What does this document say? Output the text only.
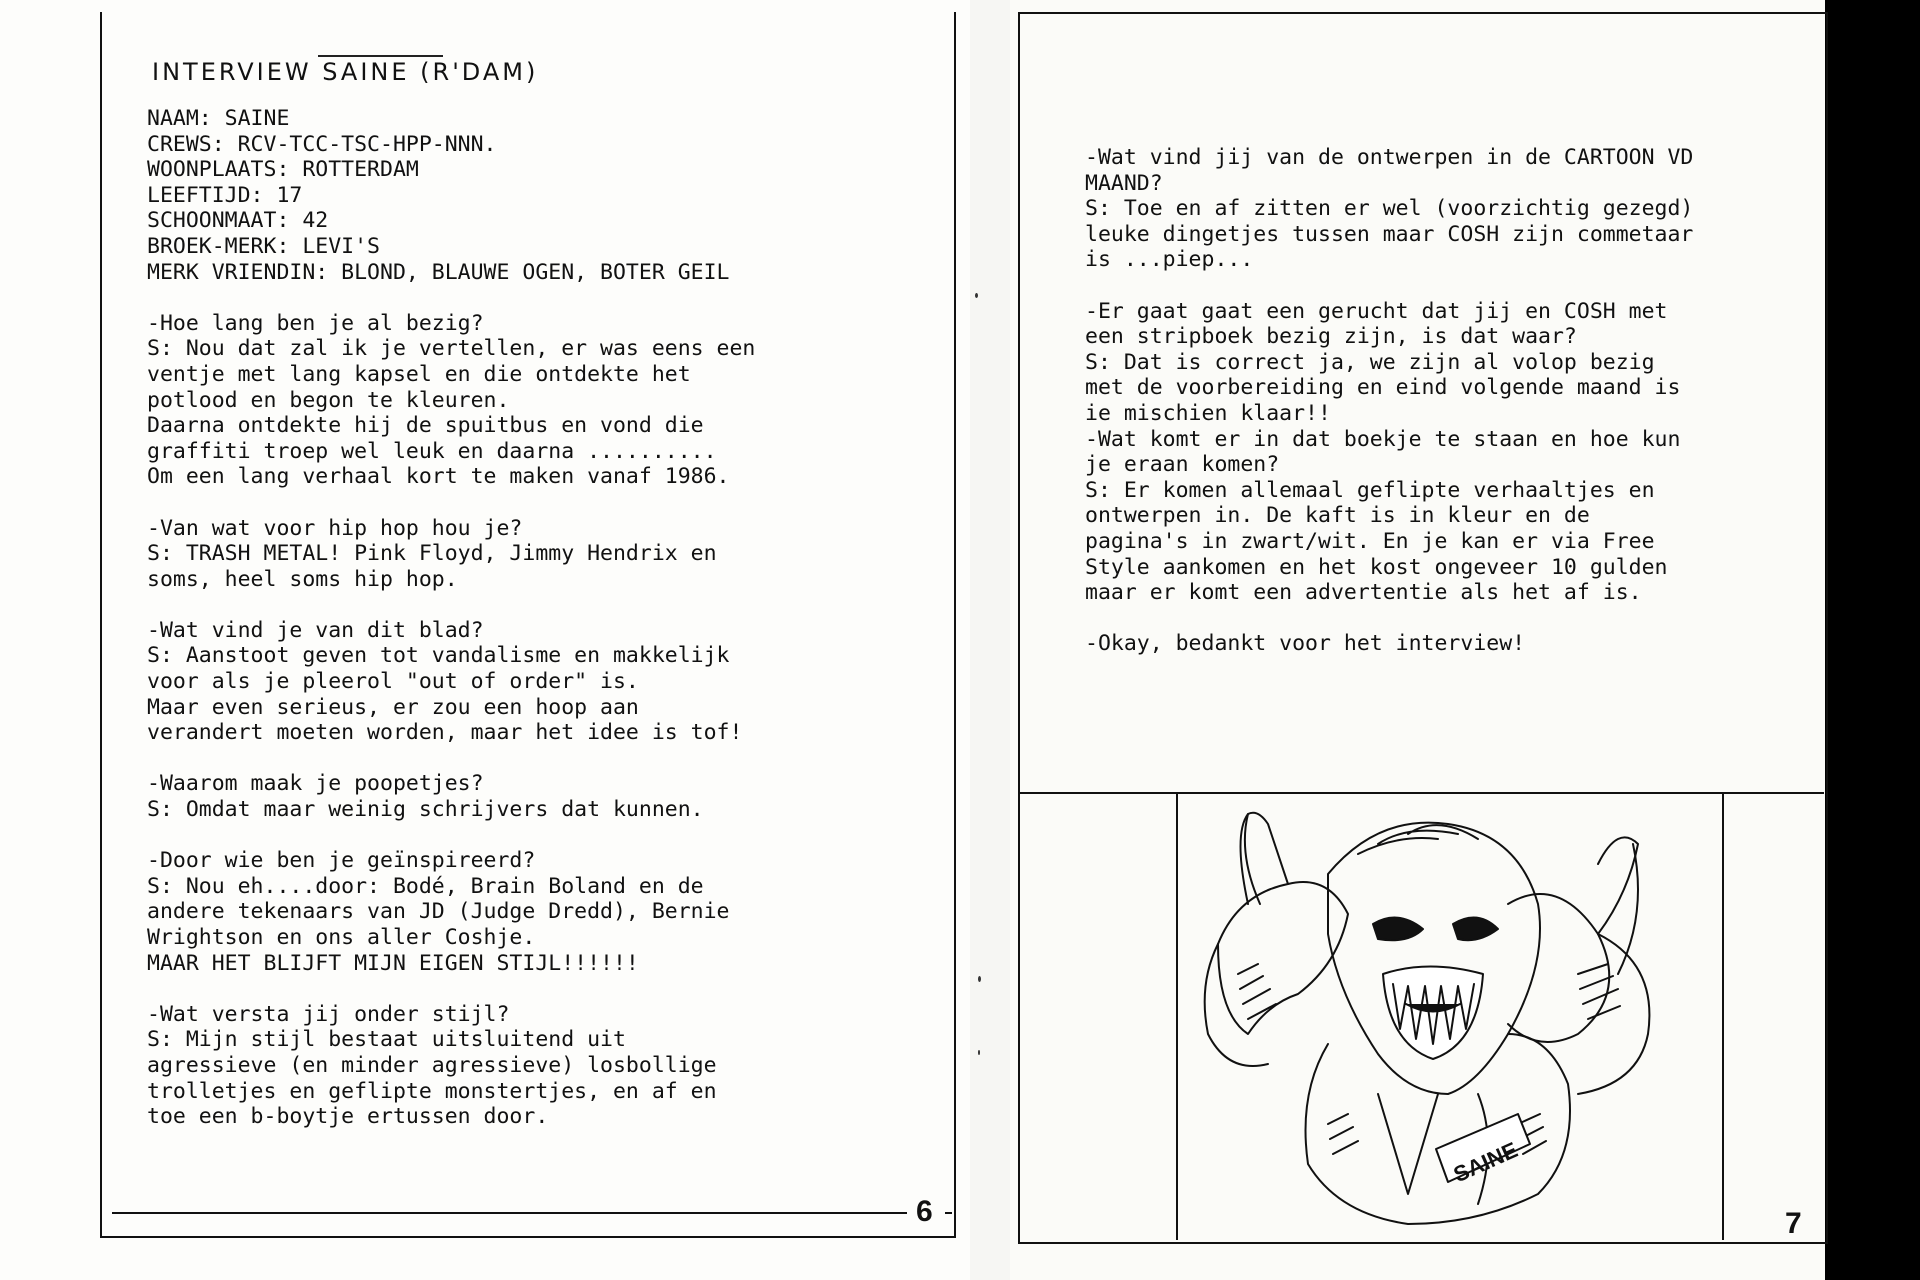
INTERVIEW SAINE (R'DAM)
NAAM: SAINE
CREWS: RCV-TCC-TSC-HPP-NNN.
WOONPLAATS: ROTTERDAM
LEEFTIJD: 17
SCHOONMAAT: 42
BROEK-MERK: LEVI'S
MERK VRIENDIN: BLOND, BLAUWE OGEN, BOTER GEIL

-Hoe lang ben je al bezig?
S: Nou dat zal ik je vertellen, er was eens een
ventje met lang kapsel en die ontdekte het
potlood en begon te kleuren.
Daarna ontdekte hij de spuitbus en vond die
graffiti troep wel leuk en daarna ..........
Om een lang verhaal kort te maken vanaf 1986.

-Van wat voor hip hop hou je?
S: TRASH METAL! Pink Floyd, Jimmy Hendrix en
soms, heel soms hip hop.

-Wat vind je van dit blad?
S: Aanstoot geven tot vandalisme en makkelijk
voor als je pleerol "out of order" is.
Maar even serieus, er zou een hoop aan
verandert moeten worden, maar het idee is tof!

-Waarom maak je poopetjes?
S: Omdat maar weinig schrijvers dat kunnen.

-Door wie ben je geïnspireerd?
S: Nou eh....door: Bodé, Brain Boland en de
andere tekenaars van JD (Judge Dredd), Bernie
Wrightson en ons aller Coshje.
MAAR HET BLIJFT MIJN EIGEN STIJL!!!!!!

-Wat versta jij onder stijl?
S: Mijn stijl bestaat uitsluitend uit
agressieve (en minder agressieve) losbollige
trolletjes en geflipte monstertjes, en af en
toe een b-boytje ertussen door.
6
-Wat vind jij van de ontwerpen in de CARTOON VD
MAAND?
S: Toe en af zitten er wel (voorzichtig gezegd)
leuke dingetjes tussen maar COSH zijn commetaar
is ...piep...

-Er gaat gaat een gerucht dat jij en COSH met
een stripboek bezig zijn, is dat waar?
S: Dat is correct ja, we zijn al volop bezig
met de voorbereiding en eind volgende maand is
ie mischien klaar!!
-Wat komt er in dat boekje te staan en hoe kun
je eraan komen?
S: Er komen allemaal geflipte verhaaltjes en
ontwerpen in. De kaft is in kleur en de
pagina's in zwart/wit. En je kan er via Free
Style aankomen en het kost ongeveer 10 gulden
maar er komt een advertentie als het af is.

-Okay, bedankt voor het interview!
SAINE
7
